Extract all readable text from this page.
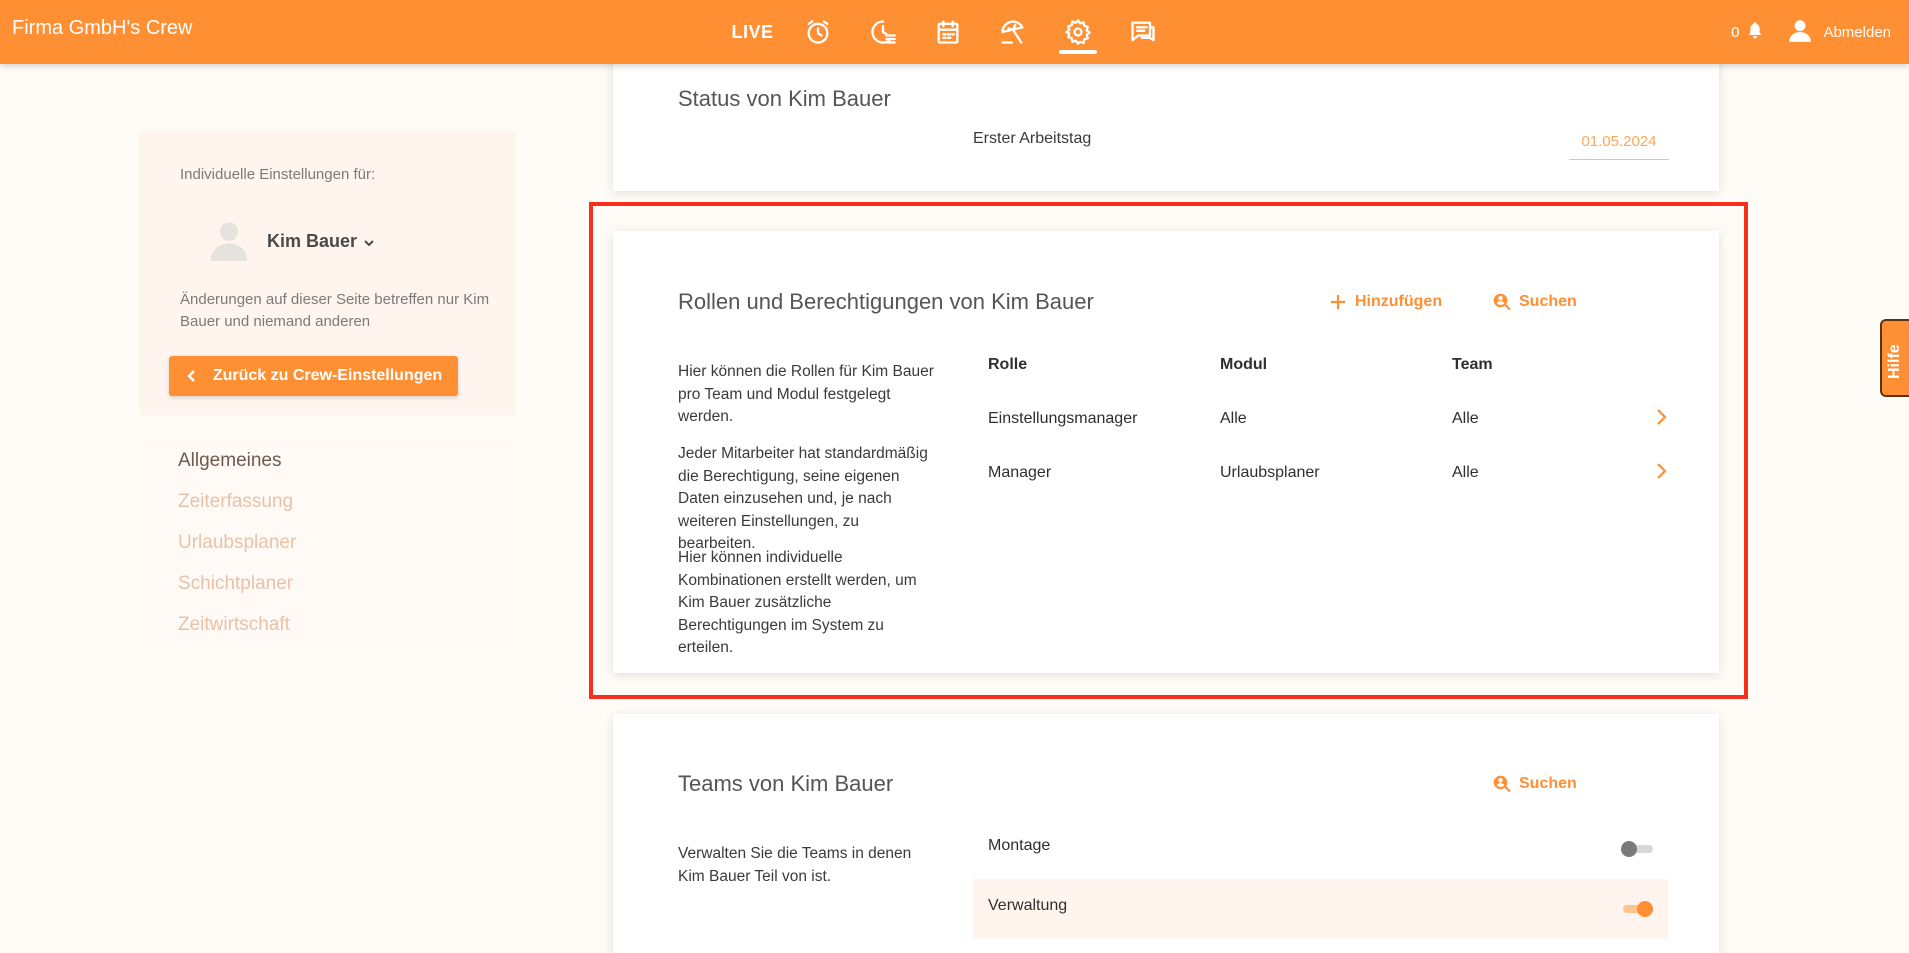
Firma GmbH's Crew	LIVE	0	Abmelden
Individuelle Einstellungen für:
Kim Bauer
Änderungen auf dieser Seite betreffen nur Kim Bauer und niemand anderen
Zurück zu Crew-Einstellungen
Allgemeines
Zeiterfassung
Urlaubsplaner
Schichtplaner
Zeitwirtschaft
Status von Kim Bauer
Erster Arbeitstag	01.05.2024
Rollen und Berechtigungen von Kim Bauer	Hinzufügen	Suchen
Hier können die Rollen für Kim Bauer pro Team und Modul festgelegt werden.
Jeder Mitarbeiter hat standardmäßig die Berechtigung, seine eigenen Daten einzusehen und, je nach weiteren Einstellungen, zu bearbeiten.
Hier können individuelle Kombinationen erstellt werden, um Kim Bauer zusätzliche Berechtigungen im System zu erteilen.
Rolle	Modul	Team
Einstellungsmanager	Alle	Alle
Manager	Urlaubsplaner	Alle
Teams von Kim Bauer	Suchen
Verwalten Sie die Teams in denen Kim Bauer Teil von ist.
Montage
Verwaltung
Hilfe
